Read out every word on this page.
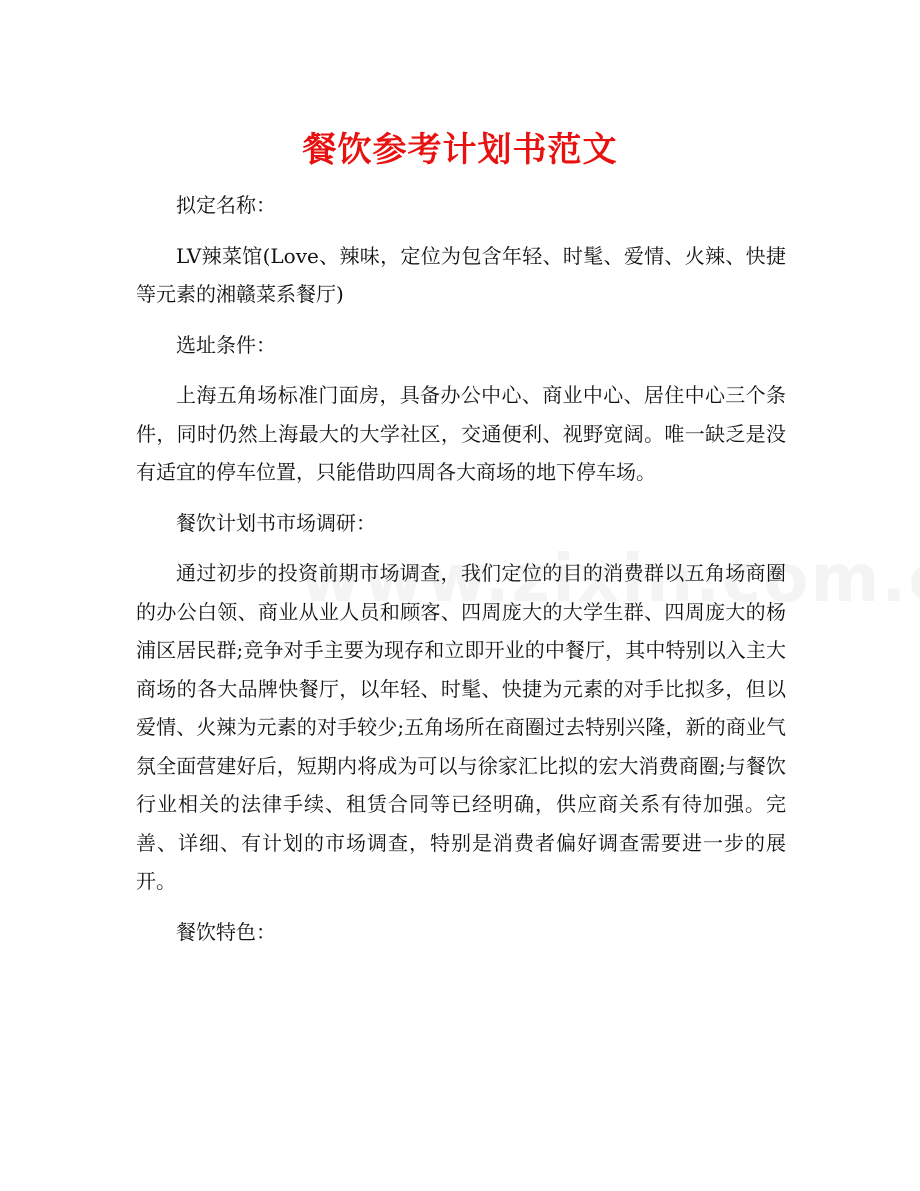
餐饮参考计划书范文

拟定名称：

LV辣菜馆(Love、辣味，定位为包含年轻、时髦、爱情、火辣、快捷等元素的湘赣菜系餐厅)

选址条件：

上海五角场标准门面房，具备办公中心、商业中心、居住中心三个条件，同时仍然上海最大的大学社区，交通便利、视野宽阔。唯一缺乏是没有适宜的停车位置，只能借助四周各大商场的地下停车场。

餐饮计划书市场调研：

通过初步的投资前期市场调查，我们定位的目的消费群以五角场商圈的办公白领、商业从业人员和顾客、四周庞大的大学生群、四周庞大的杨浦区居民群;竞争对手主要为现存和立即开业的中餐厅，其中特别以入主大商场的各大品牌快餐厅，以年轻、时髦、快捷为元素的对手比拟多，但以爱情、火辣为元素的对手较少;五角场所在商圈过去特别兴隆，新的商业气氛全面营建好后，短期内将成为可以与徐家汇比拟的宏大消费商圈;与餐饮行业相关的法律手续、租赁合同等已经明确，供应商关系有待加强。完善、详细、有计划的市场调查，特别是消费者偏好调查需要进一步的展开。

餐饮特色：
